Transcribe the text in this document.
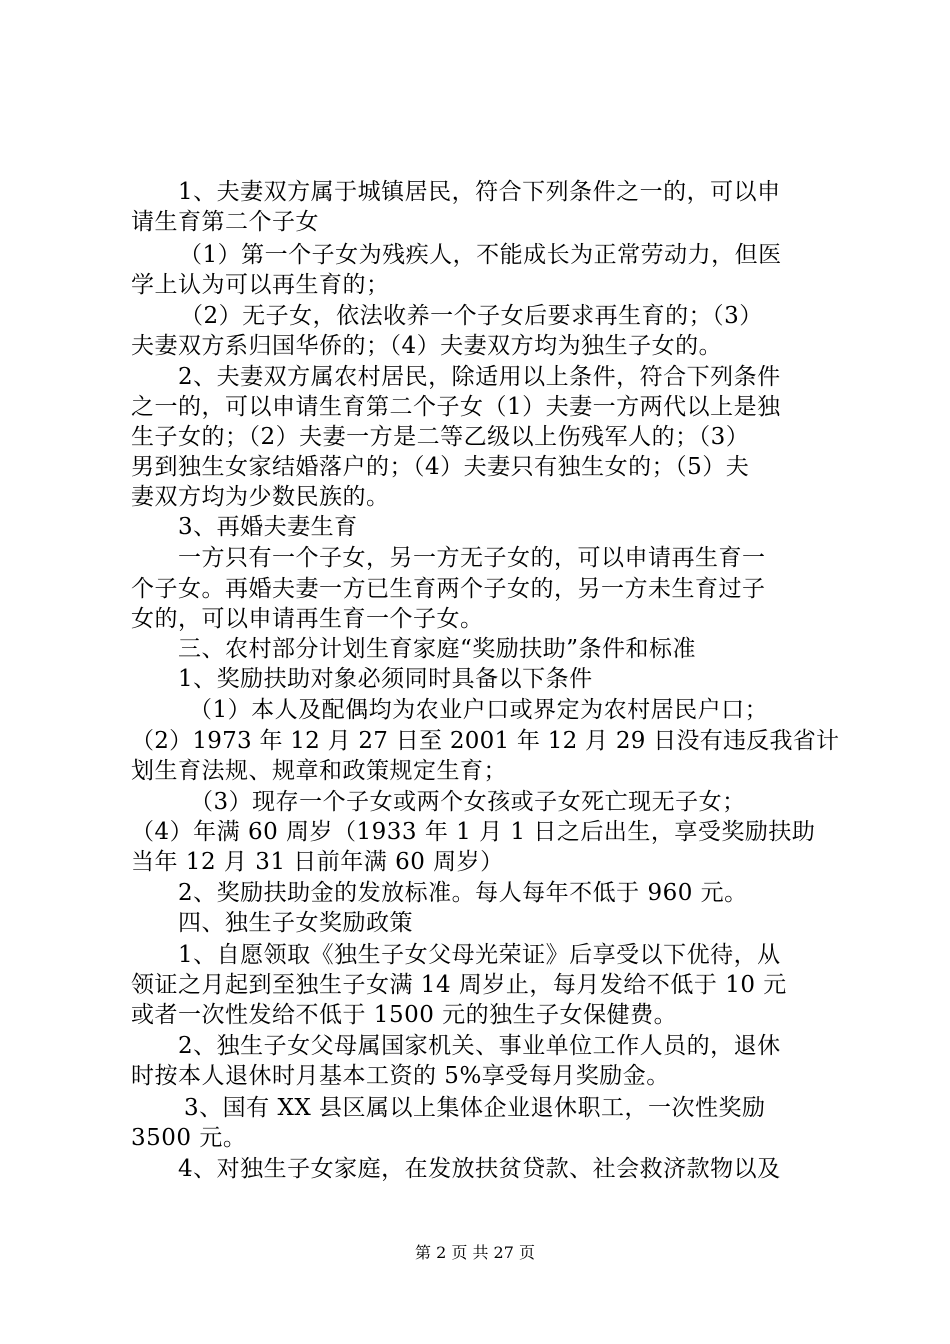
1、夫妻双方属于城镇居民，符合下列条件之一的，可以申
请生育第二个子女
（1）第一个子女为残疾人，不能成长为正常劳动力，但医
学上认为可以再生育的；
（2）无子女，依法收养一个子女后要求再生育的；（3）
夫妻双方系归国华侨的；（4）夫妻双方均为独生子女的。
2、夫妻双方属农村居民，除适用以上条件，符合下列条件
之一的，可以申请生育第二个子女（1）夫妻一方两代以上是独
生子女的；（2）夫妻一方是二等乙级以上伤残军人的；（3）
男到独生女家结婚落户的；（4）夫妻只有独生女的；（5）夫
妻双方均为少数民族的。
3、再婚夫妻生育
一方只有一个子女，另一方无子女的，可以申请再生育一
个子女。再婚夫妻一方已生育两个子女的，另一方未生育过子
女的，可以申请再生育一个子女。
三、农村部分计划生育家庭“奖励扶助”条件和标准
1、奖励扶助对象必须同时具备以下条件
（1）本人及配偶均为农业户口或界定为农村居民户口；
（2）1973 年 12 月 27 日至 2001 年 12 月 29 日没有违反我省计
划生育法规、规章和政策规定生育；
（3）现存一个子女或两个女孩或子女死亡现无子女；
（4）年满 60 周岁（1933 年 1 月 1 日之后出生，享受奖励扶助
当年 12 月 31 日前年满 60 周岁）
2、奖励扶助金的发放标准。每人每年不低于 960 元。
四、独生子女奖励政策
1、自愿领取《独生子女父母光荣证》后享受以下优待，从
领证之月起到至独生子女满 14 周岁止，每月发给不低于 10 元
或者一次性发给不低于 1500 元的独生子女保健费。
2、独生子女父母属国家机关、事业单位工作人员的，退休
时按本人退休时月基本工资的 5%享受每月奖励金。
3、国有 XX 县区属以上集体企业退休职工，一次性奖励
3500 元。
4、对独生子女家庭，在发放扶贫贷款、社会救济款物以及
第 2 页 共 27 页
